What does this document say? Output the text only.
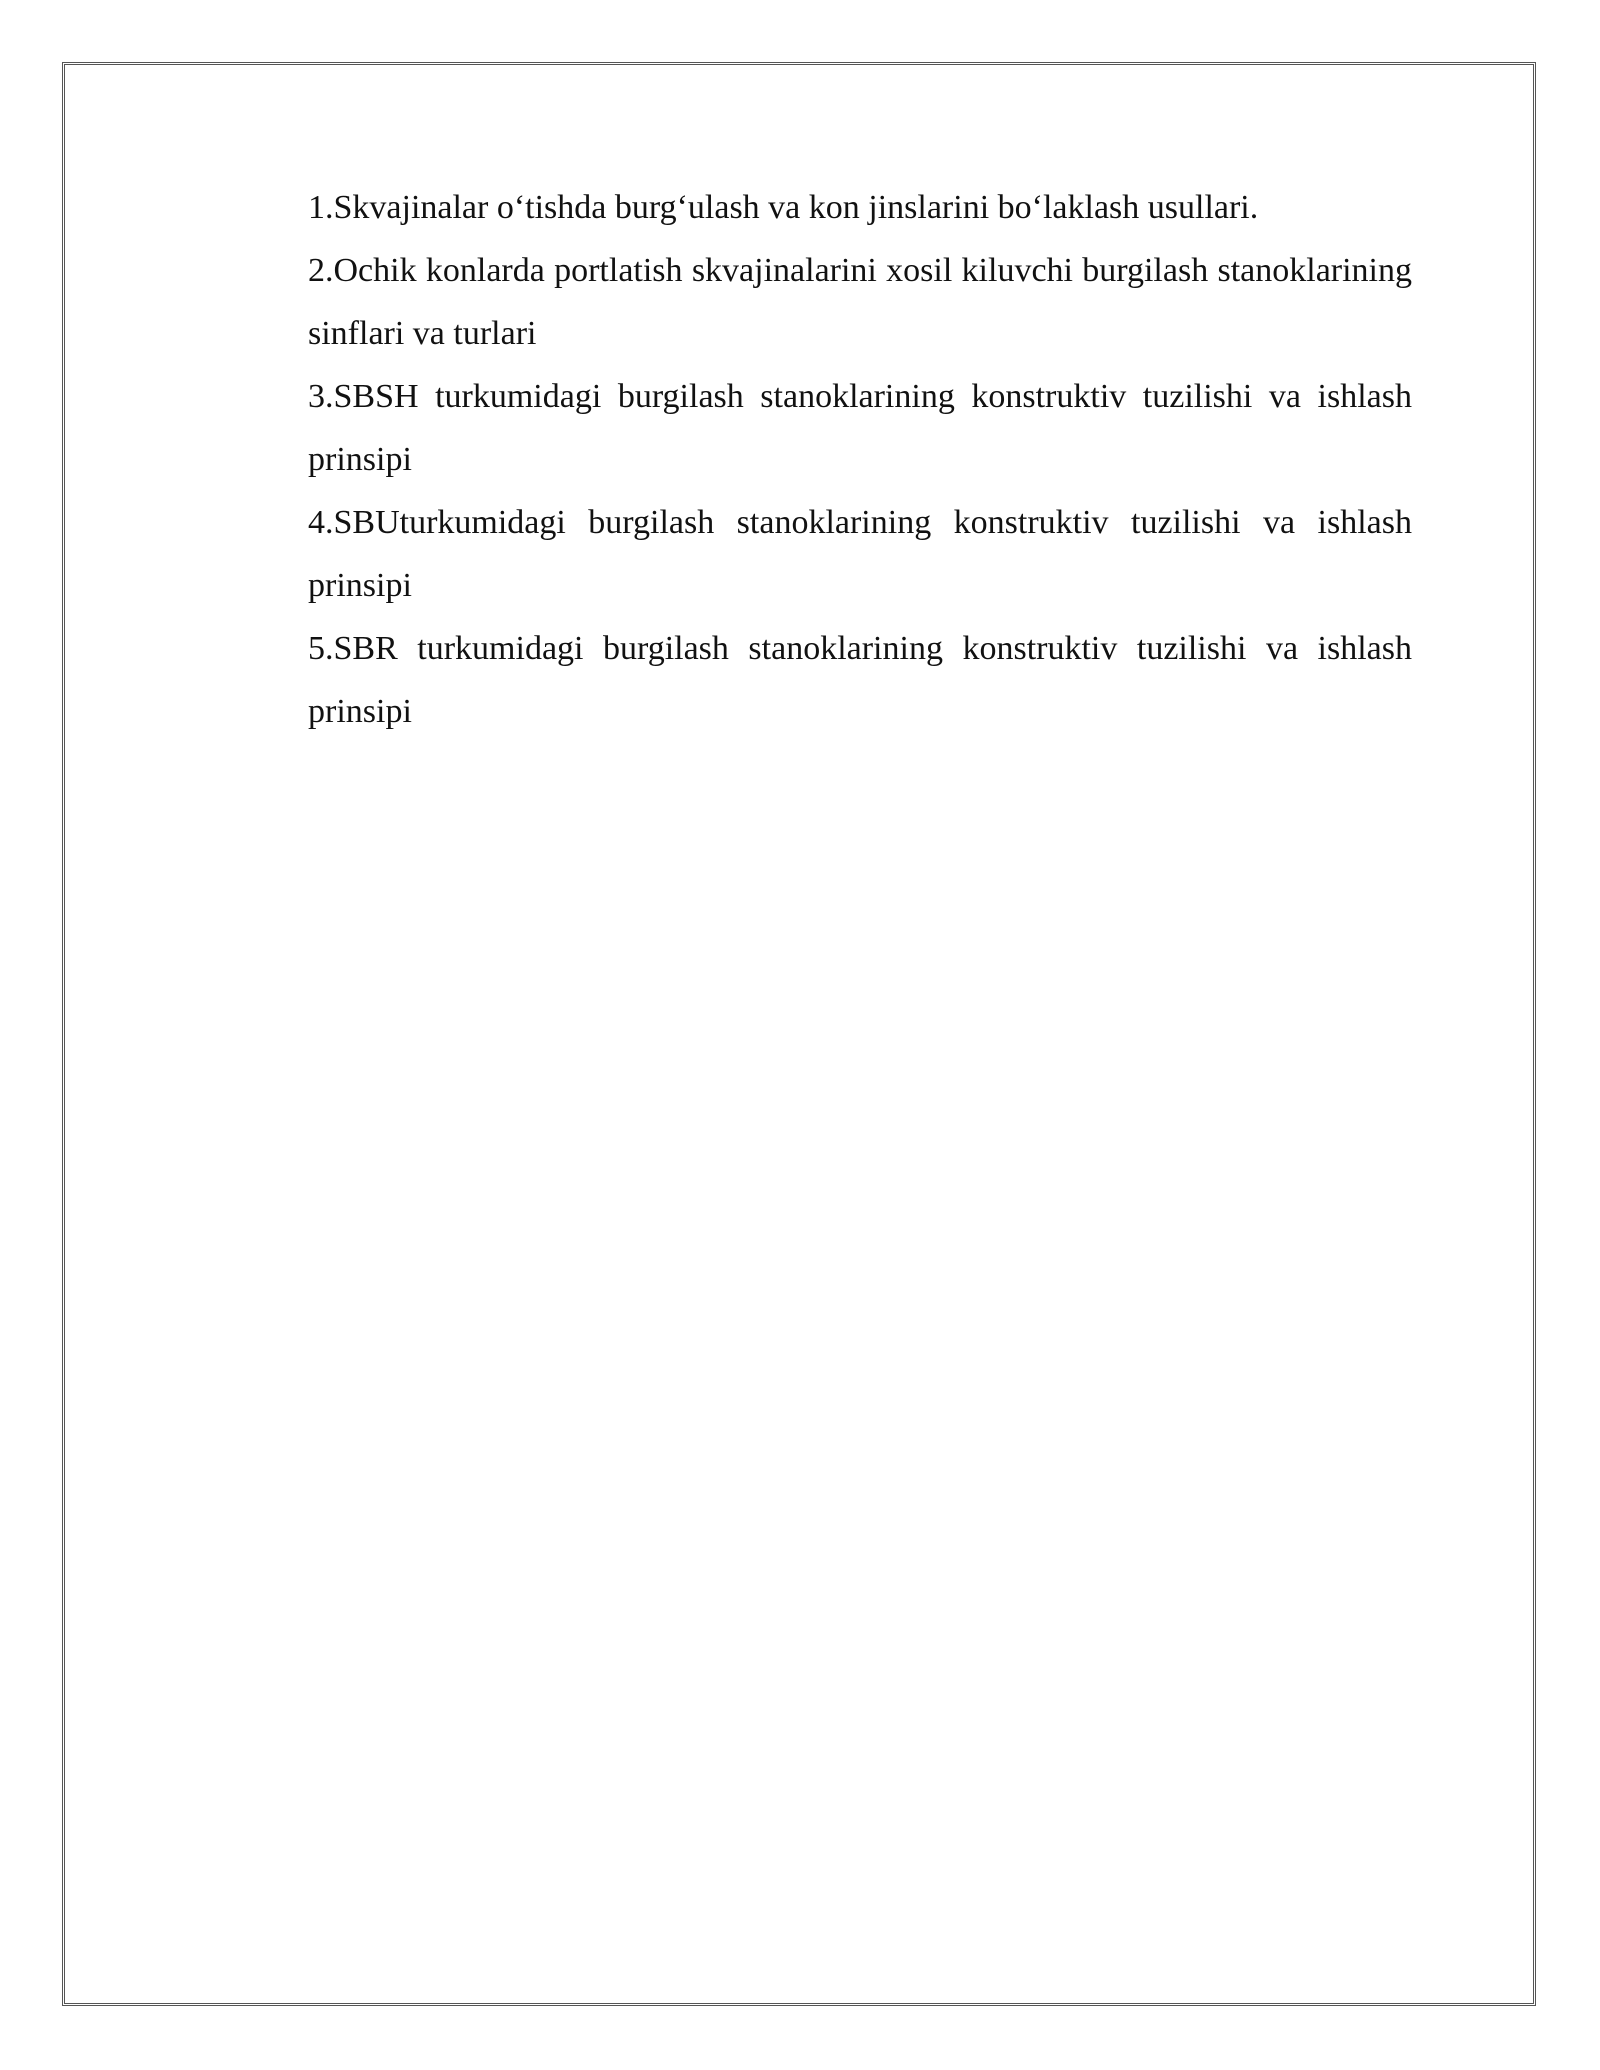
1.Skvajinalar o‘tishda burg‘ulash va kon jinslarini bo‘laklash usullari.

2.Ochik konlarda portlatish skvajinalarini xosil kiluvchi burgilash stanoklarining sinflari va turlari

3.SBSH turkumidagi burgilash stanoklarining konstruktiv tuzilishi va ishlash prinsipi

4.SBUturkumidagi burgilash stanoklarining konstruktiv tuzilishi va ishlash prinsipi

5.SBR turkumidagi burgilash stanoklarining konstruktiv tuzilishi va ishlash prinsipi
